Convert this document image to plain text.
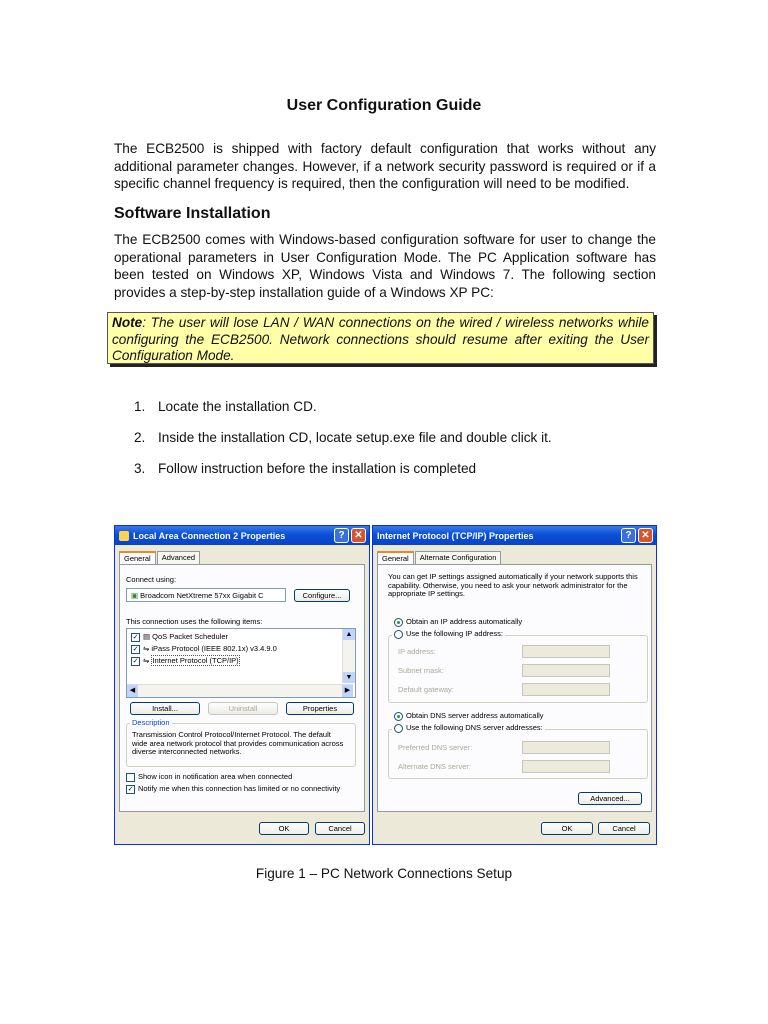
User Configuration Guide

The ECB2500 is shipped with factory default configuration that works without any additional parameter changes. However, if a network security password is required or if a specific channel frequency is required, then the configuration will need to be modified.

Software Installation

The ECB2500 comes with Windows-based configuration software for user to change the operational parameters in User Configuration Mode. The PC Application software has been tested on Windows XP, Windows Vista and Windows 7. The following section provides a step-by-step installation guide of a Windows XP PC:

Note: The user will lose LAN / WAN connections on the wired / wireless networks while configuring the ECB2500. Network connections should resume after exiting the User Configuration Mode.
1. Locate the installation CD.
2. Inside the installation CD, locate setup.exe file and double click it.
3. Follow instruction before the installation is completed
Local Area Connection 2 Properties	? ✕
General	Advanced
Connect using:
▣ Broadcom NetXtreme 57xx Gigabit C	Configure...
This connection uses the following items:
✓ ▤ QoS Packet Scheduler
✓ ⇋ iPass Protocol (IEEE 802.1x) v3.4.9.0
✓ ⇋ Internet Protocol (TCP/IP)
▲
▼
◀	▶
Install...	Uninstall	Properties
Description
Transmission Control Protocol/Internet Protocol. The default wide area network protocol that provides communication across diverse interconnected networks.
Show icon in notification area when connected
✓ Notify me when this connection has limited or no connectivity
OK	Cancel
Internet Protocol (TCP/IP) Properties	? ✕
General	Alternate Configuration
You can get IP settings assigned automatically if your network supports this capability. Otherwise, you need to ask your network administrator for the appropriate IP settings.
Obtain an IP address automatically
Use the following IP address:
IP address:
Subnet mask:
Default gateway:
Obtain DNS server address automatically
Use the following DNS server addresses:
Preferred DNS server:
Alternate DNS server:
Advanced...
OK	Cancel
Figure 1 – PC Network Connections Setup
